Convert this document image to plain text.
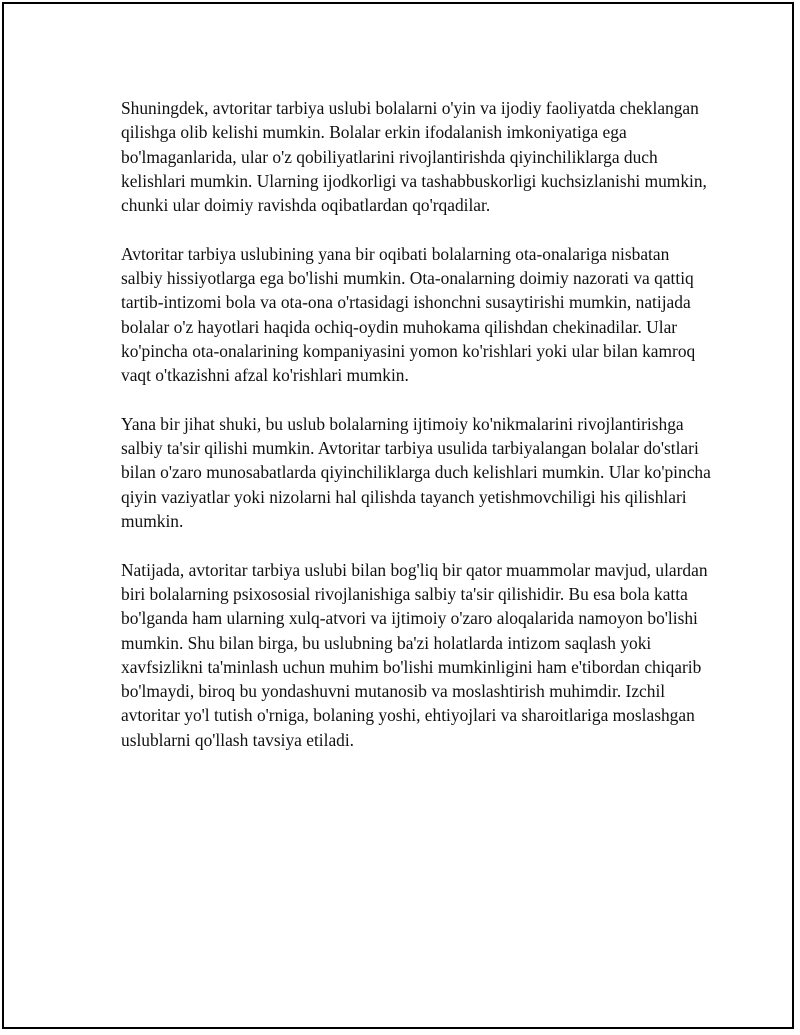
Shuningdek, avtoritar tarbiya uslubi bolalarni o'yin va ijodiy faoliyatda cheklangan qilishga olib kelishi mumkin. Bolalar erkin ifodalanish imkoniyatiga ega bo'lmaganlarida, ular o'z qobiliyatlarini rivojlantirishda qiyinchiliklarga duch kelishlari mumkin. Ularning ijodkorligi va tashabbuskorligi kuchsizlanishi mumkin, chunki ular doimiy ravishda oqibatlardan qo'rqadilar.

Avtoritar tarbiya uslubining yana bir oqibati bolalarning ota-onalariga nisbatan salbiy hissiyotlarga ega bo'lishi mumkin. Ota-onalarning doimiy nazorati va qattiq tartib-intizomi bola va ota-ona o'rtasidagi ishonchni susaytirishi mumkin, natijada bolalar o'z hayotlari haqida ochiq-oydin muhokama qilishdan chekinadilar. Ular ko'pincha ota-onalarining kompaniyasini yomon ko'rishlari yoki ular bilan kamroq vaqt o'tkazishni afzal ko'rishlari mumkin.

Yana bir jihat shuki, bu uslub bolalarning ijtimoiy ko'nikmalarini rivojlantirishga salbiy ta'sir qilishi mumkin. Avtoritar tarbiya usulida tarbiyalangan bolalar do'stlari bilan o'zaro munosabatlarda qiyinchiliklarga duch kelishlari mumkin. Ular ko'pincha qiyin vaziyatlar yoki nizolarni hal qilishda tayanch yetishmovchiligi his qilishlari mumkin.

Natijada, avtoritar tarbiya uslubi bilan bog'liq bir qator muammolar mavjud, ulardan biri bolalarning psixososial rivojlanishiga salbiy ta'sir qilishidir. Bu esa bola katta bo'lganda ham ularning xulq-atvori va ijtimoiy o'zaro aloqalarida namoyon bo'lishi mumkin. Shu bilan birga, bu uslubning ba'zi holatlarda intizom saqlash yoki xavfsizlikni ta'minlash uchun muhim bo'lishi mumkinligini ham e'tibordan chiqarib bo'lmaydi, biroq bu yondashuvni mutanosib va moslashtirish muhimdir. Izchil avtoritar yo'l tutish o'rniga, bolaning yoshi, ehtiyojlari va sharoitlariga moslashgan uslublarni qo'llash tavsiya etiladi.
